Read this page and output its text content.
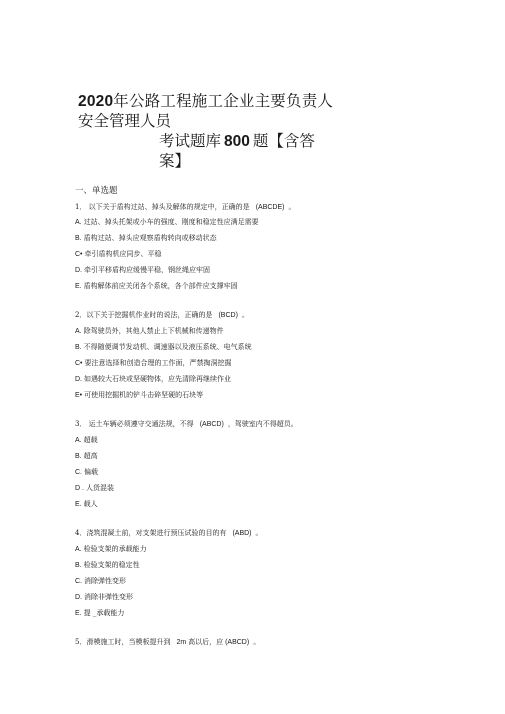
2020年公路工程施工企业主要负责人
安全管理人员
考试题库 800 题【含答
案】
一、单选题
1． 以下关于盾构过站、掉头及解体的规定中，正确的是 (ABCDE) 。
A. 过站、掉头托架或小车的强度、刚度和稳定性应满足需要
B. 盾构过站、掉头应观察盾构转向或移动状态
C• 牵引盾构机应同步、平稳
D. 牵引平移盾构应缓慢平稳，钢丝绳应牢固
E. 盾构解体前应关闭各个系统，各个部件应支撑牢固
2．以下关于挖掘机作业时的说法，正确的是 (BCD) 。
A. 除驾驶员外，其他人禁止上下机械和传递物件
B. 不得随便调节发动机、调速器以及液压系统、电气系统
C• 要注意选择和创造合理的工作面，严禁掏洞挖掘
D. 如遇较大石块或坚硬物体，应先清除再继续作业
E• 可使用挖掘机的铲斗击碎坚硬的石块等
3． 运土车辆必须遵守交通法规，不得 (ABCD) ，驾驶室内不得超员。
A. 超载
B. 超高
C. 偏载
D . 人货混装
E. 载人
4．浇筑混凝土前，对支架进行预压试验的目的有 (ABD) 。
A. 检验支架的承载能力
B. 检验支架的稳定性
C. 消除弹性变形
D. 消除非弹性变形
E. 提 _承载能力
5．滑模施工时，当模板提升到 2m 高以后，应 (ABCD) 。
